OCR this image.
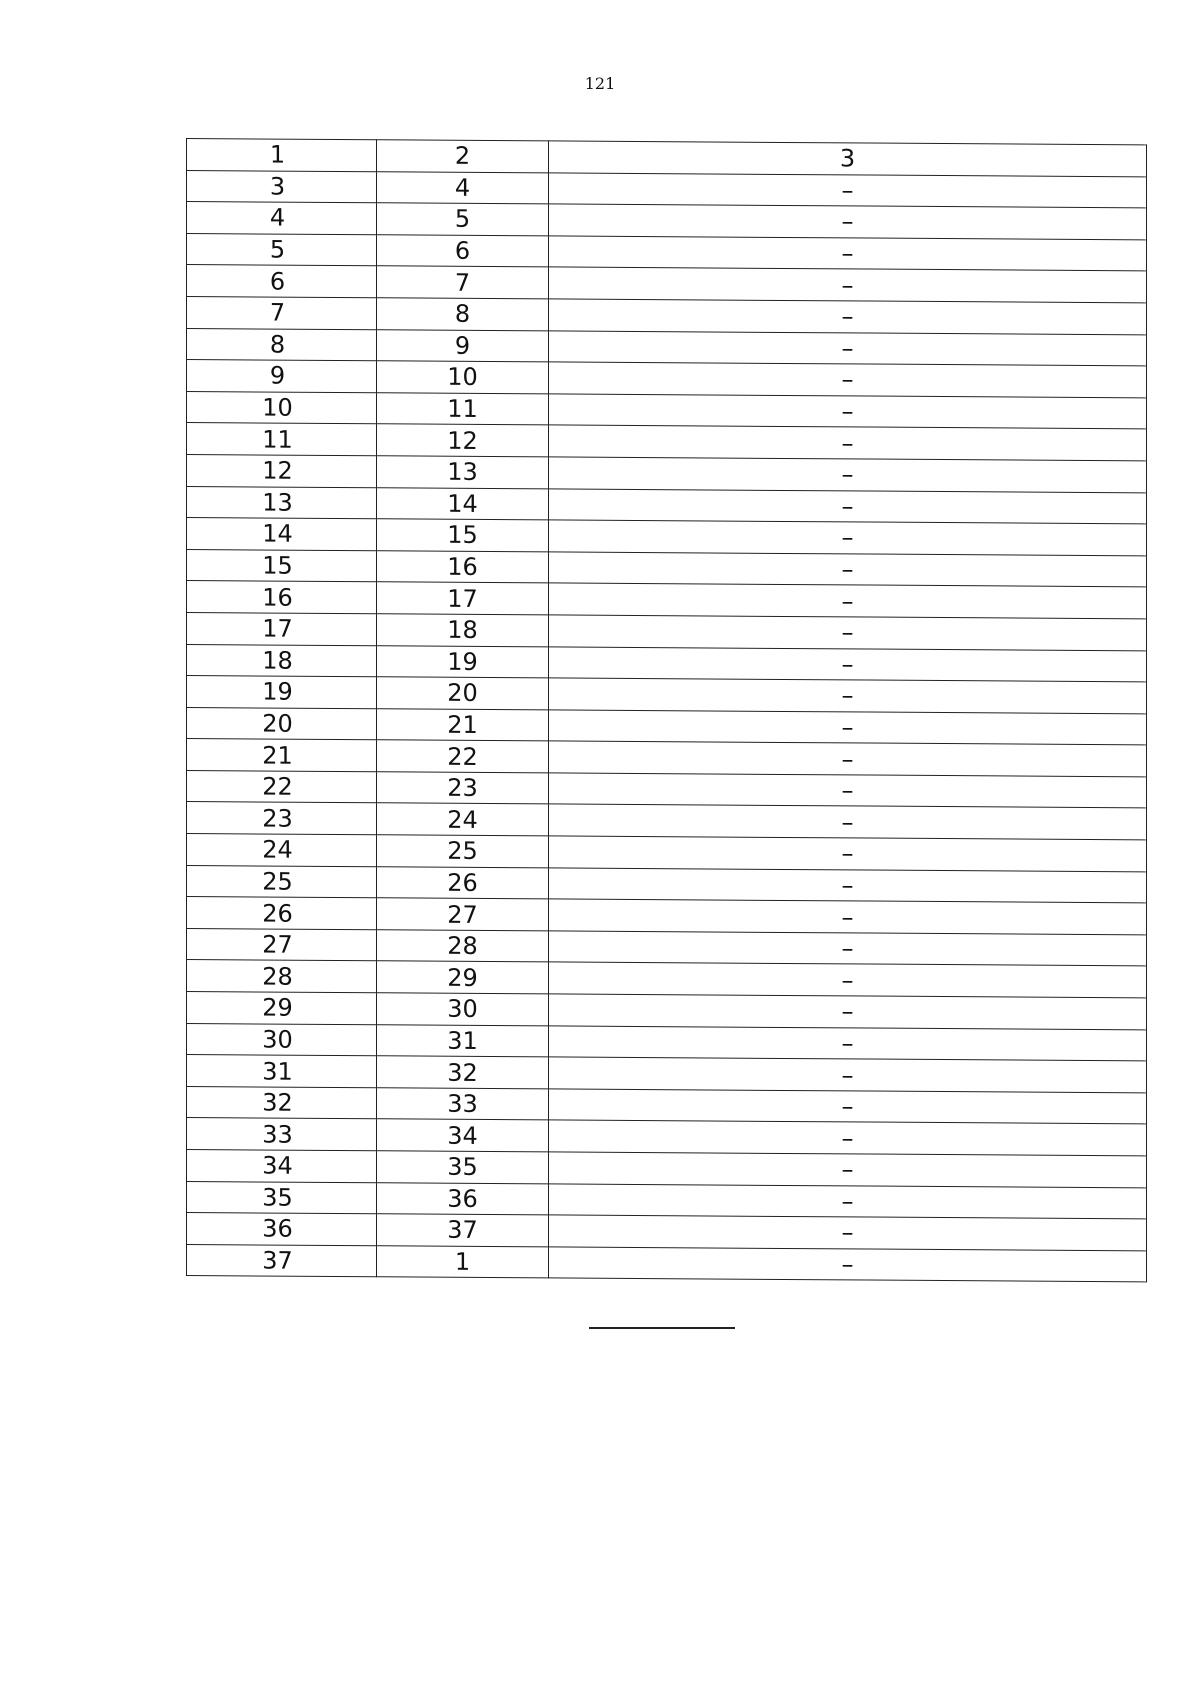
121
1	2	3
3	4	–
4	5	–
5	6	–
6	7	–
7	8	–
8	9	–
9	10	–
10	11	–
11	12	–
12	13	–
13	14	–
14	15	–
15	16	–
16	17	–
17	18	–
18	19	–
19	20	–
20	21	–
21	22	–
22	23	–
23	24	–
24	25	–
25	26	–
26	27	–
27	28	–
28	29	–
29	30	–
30	31	–
31	32	–
32	33	–
33	34	–
34	35	–
35	36	–
36	37	–
37	1	–
